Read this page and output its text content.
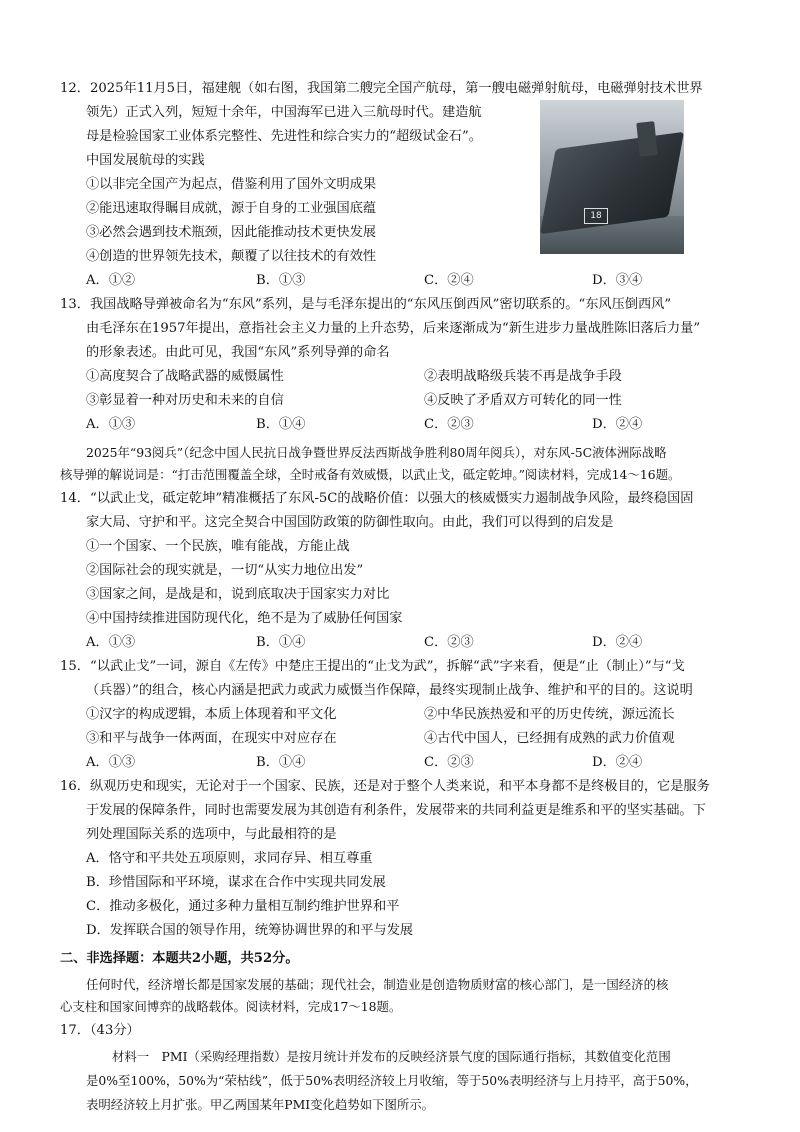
12．2025年11月5日，福建舰（如右图，我国第二艘完全国产航母，第一艘电磁弹射航母，电磁弹射技术世界
领先）正式入列，短短十余年，中国海军已进入三航母时代。建造航
母是检验国家工业体系完整性、先进性和综合实力的“超级试金石”。
中国发展航母的实践
①以非完全国产为起点，借鉴利用了国外文明成果
②能迅速取得瞩目成就，源于自身的工业强国底蕴
③必然会遇到技术瓶颈，因此能推动技术更快发展
④创造的世界领先技术，颠覆了以往技术的有效性
A．①②	B．①③	C．②④	D．③④
18
13．我国战略导弹被命名为“东风”系列，是与毛泽东提出的“东风压倒西风”密切联系的。“东风压倒西风”
由毛泽东在1957年提出，意指社会主义力量的上升态势，后来逐渐成为“新生进步力量战胜陈旧落后力量”
的形象表述。由此可见，我国“东风”系列导弹的命名
①高度契合了战略武器的威慑属性	②表明战略级兵装不再是战争手段
③彰显着一种对历史和未来的自信	④反映了矛盾双方可转化的同一性
A．①③	B．①④	C．②③	D．②④
2025年“93阅兵”（纪念中国人民抗日战争暨世界反法西斯战争胜利80周年阅兵），对东风-5C液体洲际战略
核导弹的解说词是：“打击范围覆盖全球，全时戒备有效威慑，以武止戈，砥定乾坤。”阅读材料，完成14～16题。
14．“以武止戈，砥定乾坤”精准概括了东风-5C的战略价值：以强大的核威慑实力遏制战争风险，最终稳国固
家大局、守护和平。这完全契合中国国防政策的防御性取向。由此，我们可以得到的启发是
①一个国家、一个民族，唯有能战，方能止战
②国际社会的现实就是，一切“从实力地位出发”
③国家之间，是战是和，说到底取决于国家实力对比
④中国持续推进国防现代化，绝不是为了威胁任何国家
A．①③	B．①④	C．②③	D．②④
15．“以武止戈”一词，源自《左传》中楚庄王提出的“止戈为武”，拆解“武”字来看，便是“止（制止）”与“戈
（兵器）”的组合，核心内涵是把武力或武力威慑当作保障，最终实现制止战争、维护和平的目的。这说明
①汉字的构成逻辑，本质上体现着和平文化	②中华民族热爱和平的历史传统，源远流长
③和平与战争一体两面，在现实中对应存在	④古代中国人，已经拥有成熟的武力价值观
A．①③	B．①④	C．②③	D．②④
16．纵观历史和现实，无论对于一个国家、民族，还是对于整个人类来说，和平本身都不是终极目的，它是服务
于发展的保障条件，同时也需要发展为其创造有利条件，发展带来的共同利益更是维系和平的坚实基础。下
列处理国际关系的选项中，与此最相符的是
A．恪守和平共处五项原则，求同存异、相互尊重
B．珍惜国际和平环境，谋求在合作中实现共同发展
C．推动多极化，通过多种力量相互制约维护世界和平
D．发挥联合国的领导作用，统筹协调世界的和平与发展
二、非选择题：本题共2小题，共52分。
任何时代，经济增长都是国家发展的基础；现代社会，制造业是创造物质财富的核心部门，是一国经济的核
心支柱和国家间博弈的战略载体。阅读材料，完成17～18题。
17．（43分）
材料一　PMI（采购经理指数）是按月统计并发布的反映经济景气度的国际通行指标，其数值变化范围
是0%至100%，50%为“荣枯线”，低于50%表明经济较上月收缩，等于50%表明经济与上月持平，高于50%，
表明经济较上月扩张。甲乙两国某年PMI变化趋势如下图所示。
